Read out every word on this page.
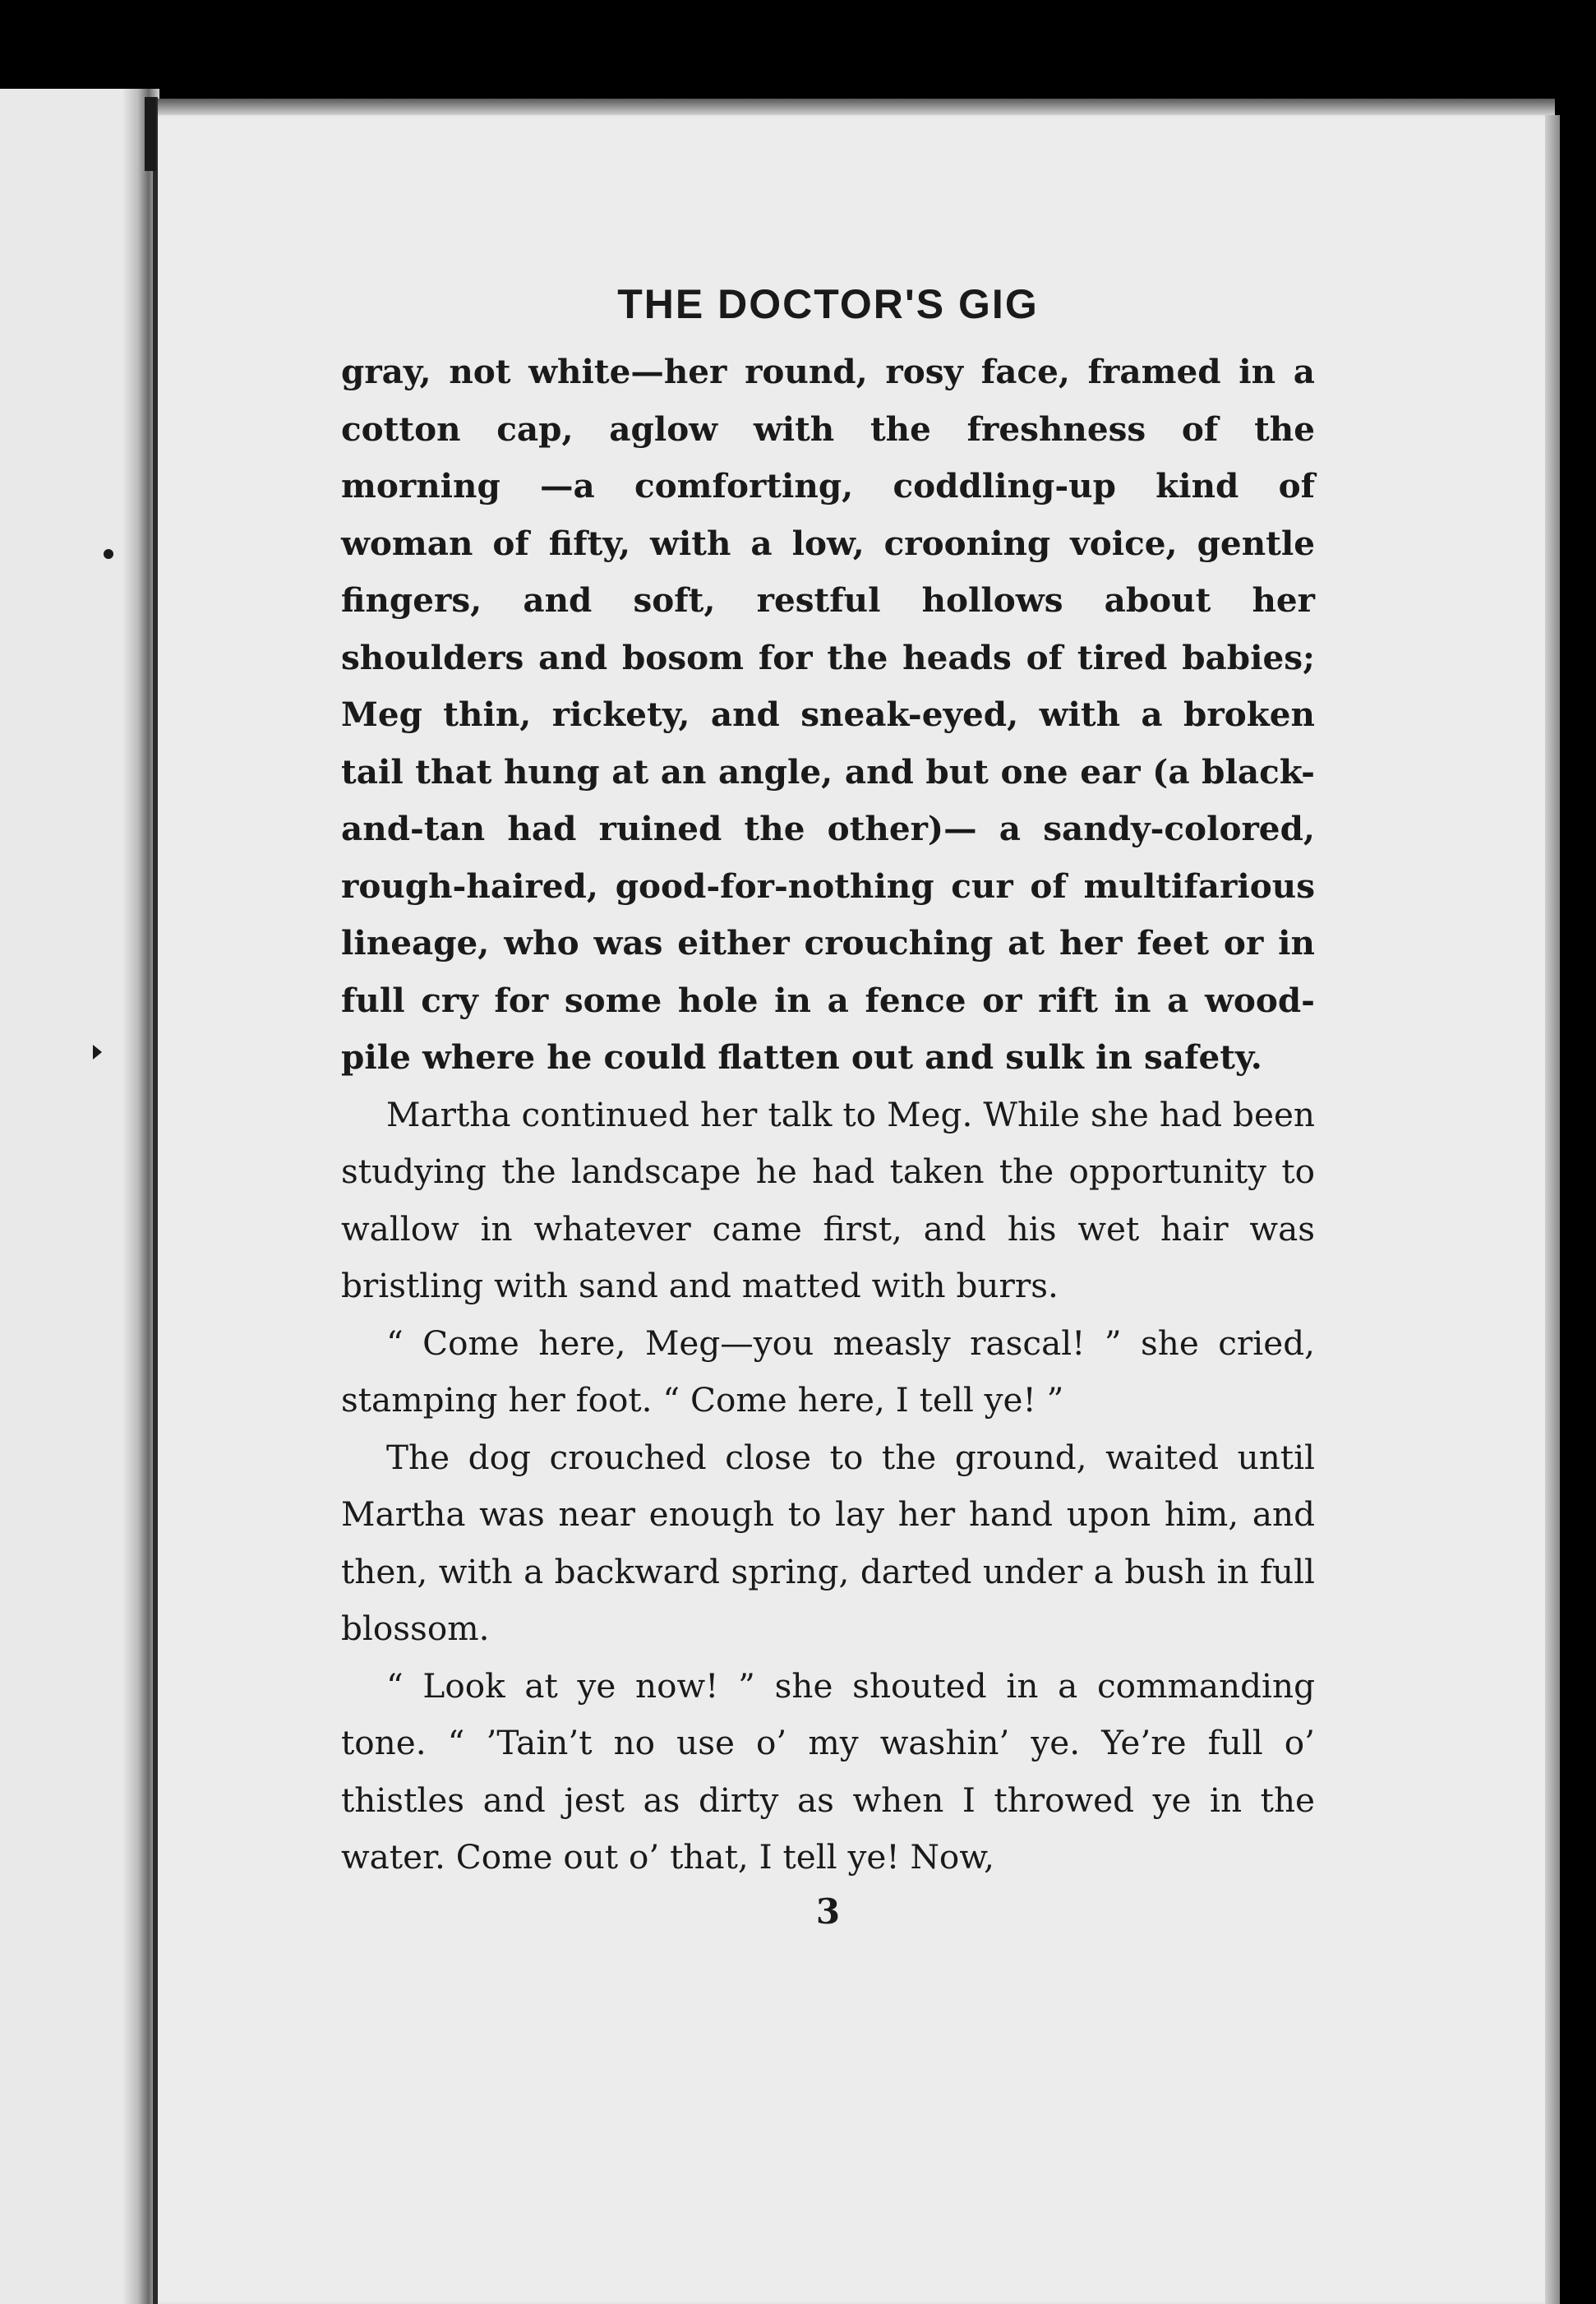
THE DOCTOR'S GIG

gray, not white—her round, rosy face, framed in a cotton cap, aglow with the freshness of the morning —a comforting, coddling-up kind of woman of fifty, with a low, crooning voice, gentle fingers, and soft, restful hollows about her shoulders and bosom for the heads of tired babies; Meg thin, rickety, and sneak-eyed, with a broken tail that hung at an angle, and but one ear (a black-and-tan had ruined the other)— a sandy-colored, rough-haired, good-for-nothing cur of multifarious lineage, who was either crouching at her feet or in full cry for some hole in a fence or rift in a wood-pile where he could flatten out and sulk in safety.

Martha continued her talk to Meg. While she had been studying the landscape he had taken the opportunity to wallow in whatever came first, and his wet hair was bristling with sand and matted with burrs.

“ Come here, Meg—you measly rascal! ” she cried, stamping her foot. “ Come here, I tell ye! ”

The dog crouched close to the ground, waited until Martha was near enough to lay her hand upon him, and then, with a backward spring, darted under a bush in full blossom.

“ Look at ye now! ” she shouted in a commanding tone. “ ’Tain’t no use o’ my washin’ ye. Ye’re full o’ thistles and jest as dirty as when I throwed ye in the water. Come out o’ that, I tell ye! Now,

3
